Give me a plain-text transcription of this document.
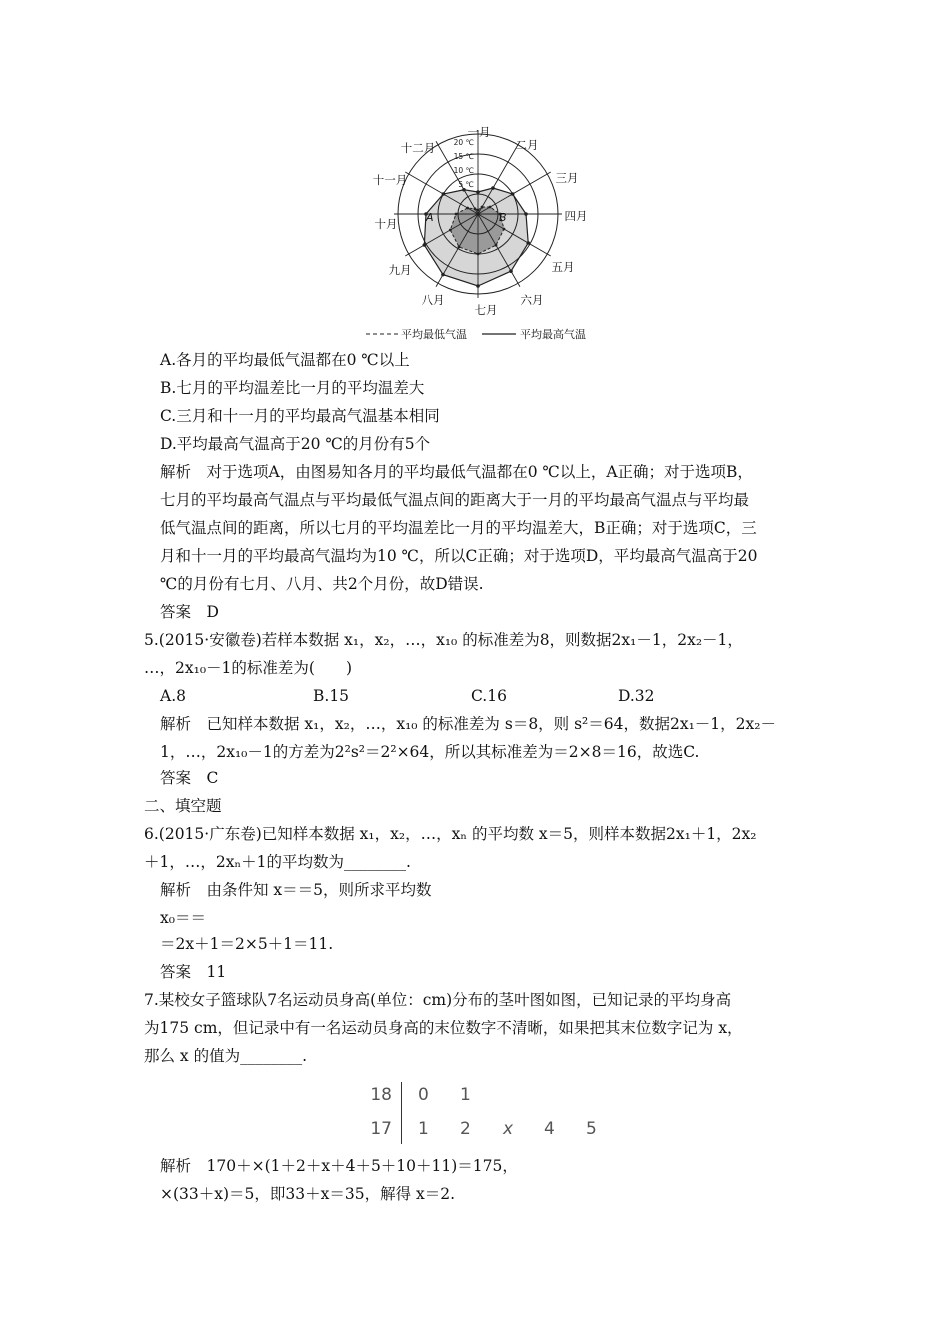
20 ℃
15 ℃
10 ℃
5 ℃
一月
二月
三月
四月
五月
六月
七月
八月
九月
十月
十一月
十二月
A	B
平均最低气温	平均最高气温
A.各月的平均最低气温都在0 ℃以上
B.七月的平均温差比一月的平均温差大
C.三月和十一月的平均最高气温基本相同
D.平均最高气温高于20 ℃的月份有5个
解析　对于选项A，由图易知各月的平均最低气温都在0 ℃以上，A正确；对于选项B，
七月的平均最高气温点与平均最低气温点间的距离大于一月的平均最高气温点与平均最
低气温点间的距离，所以七月的平均温差比一月的平均温差大，B正确；对于选项C，三
月和十一月的平均最高气温均为10 ℃，所以C正确；对于选项D，平均最高气温高于20
℃的月份有七月、八月、共2个月份，故D错误.
答案　D
5.(2015·安徽卷)若样本数据 x₁，x₂，…，x₁₀ 的标准差为8，则数据2x₁－1，2x₂－1，
…，2x₁₀－1的标准差为(　　)
A.8	B.15	C.16	D.32
解析　已知样本数据 x₁，x₂，…，x₁₀ 的标准差为 s＝8，则 s²＝64，数据2x₁－1，2x₂－
1，…，2x₁₀－1的方差为2²s²＝2²×64，所以其标准差为＝2×8＝16，故选C.
答案　C
二、填空题
6.(2015·广东卷)已知样本数据 x₁，x₂，…，xₙ 的平均数 x＝5，则样本数据2x₁＋1，2x₂
＋1，…，2xₙ＋1的平均数为________.
解析　由条件知 x＝＝5，则所求平均数
x₀＝＝
＝2x＋1＝2×5＋1＝11.
答案　11
7.某校女子篮球队7名运动员身高(单位：cm)分布的茎叶图如图，已知记录的平均身高
为175 cm，但记录中有一名运动员身高的末位数字不清晰，如果把其末位数字记为 x，
那么 x 的值为________.
18 0 1
17 1 2 x 4 5
解析　170＋×(1＋2＋x＋4＋5＋10＋11)＝175，
×(33＋x)＝5，即33＋x＝35，解得 x＝2.
